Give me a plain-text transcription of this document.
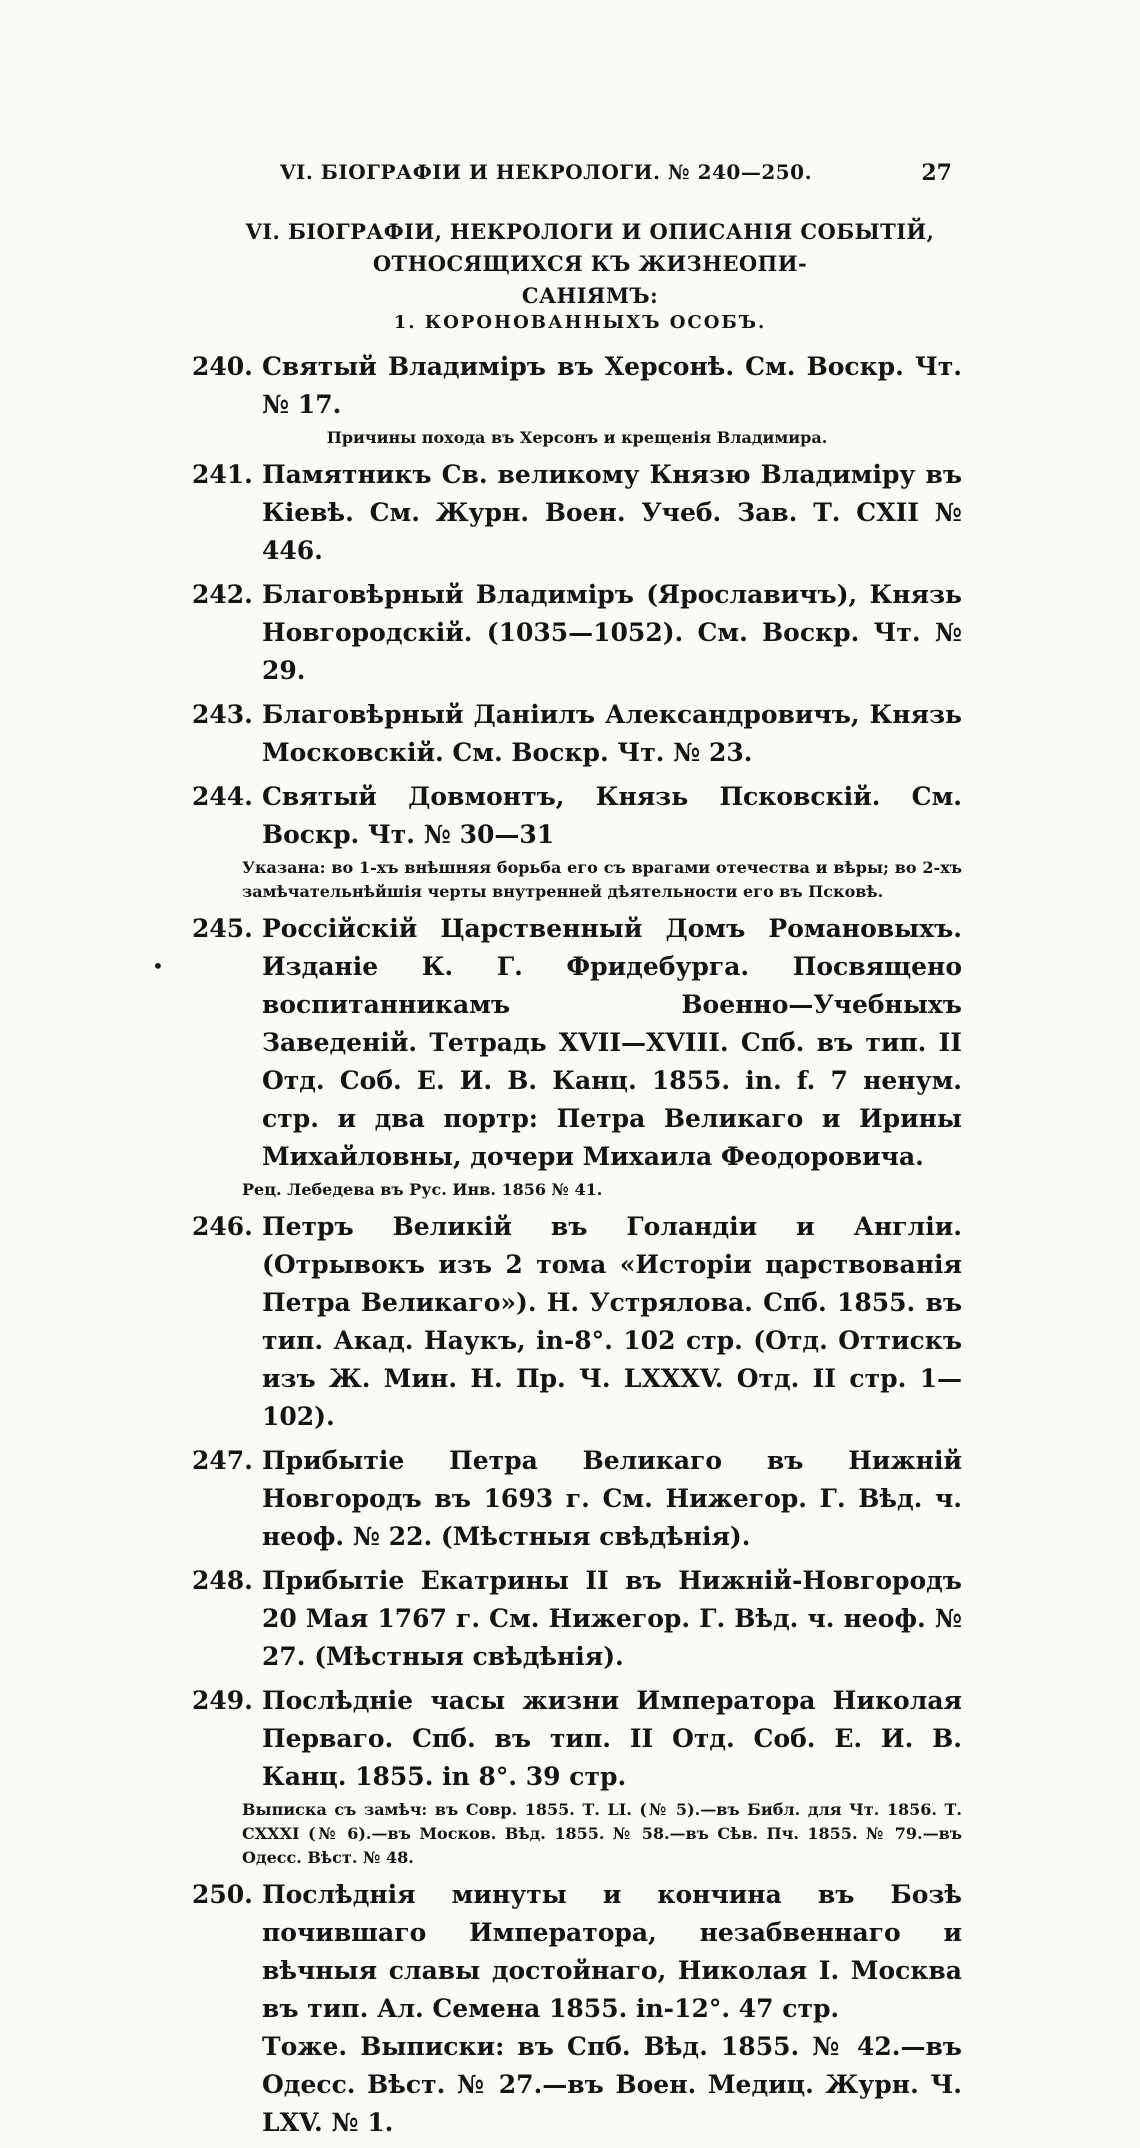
VI. БІОГРАФІИ И НЕКРОЛОГИ. № 240—250.	27
VI. БІОГРАФІИ, НЕКРОЛОГИ И ОПИСАНІЯ СОБЫТІЙ, ОТНОСЯЩИХСЯ КЪ ЖИЗНЕОПИ-
САНІЯМЪ:
1. КОРОНОВАННЫХЪ ОСОБЪ.
•
240. Святый Владиміръ въ Херсонѣ. См. Воскр. Чт. № 17.
Причины похода въ Херсонъ и крещенія Владимира.
241. Памятникъ Св. великому Князю Владиміру въ Кіевѣ. См. Журн. Воен. Учеб. Зав. Т. CXII № 446.
242. Благовѣрный Владиміръ (Ярославичъ), Князь Новгородскій. (1035—1052). См. Воскр. Чт. № 29.
243. Благовѣрный Даніилъ Александровичъ, Князь Московскій. См. Воскр. Чт. № 23.
244. Святый Довмонтъ, Князь Псковскій. См. Воскр. Чт. № 30—31
Указана: во 1-хъ внѣшняя борьба его съ врагами отечества и вѣры; во 2-хъ замѣчательнѣйшія черты внутренней дѣятельности его въ Псковѣ.
245. Россійскій Царственный Домъ Романовыхъ. Изданіе К. Г. Фридебурга. Посвящено воспитанникамъ Военно—Учебныхъ Заведеній. Тетрадь XVII—XVIII. Спб. въ тип. II Отд. Соб. Е. И. В. Канц. 1855. in. f. 7 ненум. стр. и два портр: Петра Великаго и Ирины Михайловны, дочери Михаила Феодоровича.
Рец. Лебедева въ Рус. Инв. 1856 № 41.
246. Петръ Великій въ Голандіи и Англіи. (Отрывокъ изъ 2 тома «Исторіи царствованія Петра Великаго»). Н. Устрялова. Спб. 1855. въ тип. Акад. Наукъ, in-8°. 102 стр. (Отд. Оттискъ изъ Ж. Мин. Н. Пр. Ч. LXXXV. Отд. II стр. 1—102).
247. Прибытіе Петра Великаго въ Нижній Новгородъ въ 1693 г. См. Нижегор. Г. Вѣд. ч. неоф. № 22. (Мѣстныя свѣдѣнія).
248. Прибытіе Екатрины II въ Нижній-Новгородъ 20 Мая 1767 г. См. Нижегор. Г. Вѣд. ч. неоф. № 27. (Мѣстныя свѣдѣнія).
249. Послѣдніе часы жизни Императора Николая Перваго. Спб. въ тип. II Отд. Соб. Е. И. В. Канц. 1855. in 8°. 39 стр.
Выписка съ замѣч: въ Совр. 1855. Т. LI. (№ 5).—въ Библ. для Чт. 1856. Т. CXXXI (№ 6).—въ Москов. Вѣд. 1855. № 58.—въ Сѣв. Пч. 1855. № 79.—въ Одесс. Вѣст. № 48.
250. Послѣднія минуты и кончина въ Бозѣ почившаго Императора, незабвеннаго и вѣчныя славы достойнаго, Николая I. Москва въ тип. Ал. Семена 1855. in-12°. 47 стр.
Тоже. Выписки: въ Спб. Вѣд. 1855. № 42.—въ Одесс. Вѣст. № 27.—въ Воен. Медиц. Журн. Ч. LXV. № 1.
